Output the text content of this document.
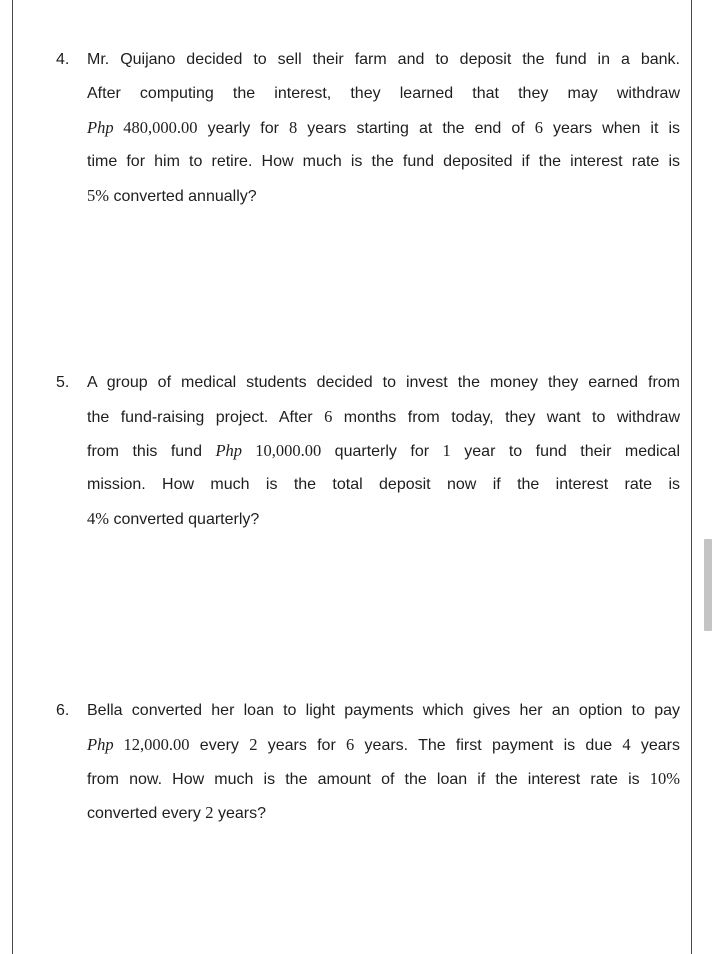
4. Mr. Quijano decided to sell their farm and to deposit the fund in a bank.
After computing the interest, they learned that they may withdraw
Php 480,000.00 yearly for 8 years starting at the end of 6 years when it is
time for him to retire. How much is the fund deposited if the interest rate is
5% converted annually?
5. A group of medical students decided to invest the money they earned from
the fund-raising project. After 6 months from today, they want to withdraw
from this fund Php 10,000.00 quarterly for 1 year to fund their medical
mission. How much is the total deposit now if the interest rate is
4% converted quarterly?
6. Bella converted her loan to light payments which gives her an option to pay
Php 12,000.00 every 2 years for 6 years. The first payment is due 4 years
from now. How much is the amount of the loan if the interest rate is 10%
converted every 2 years?
